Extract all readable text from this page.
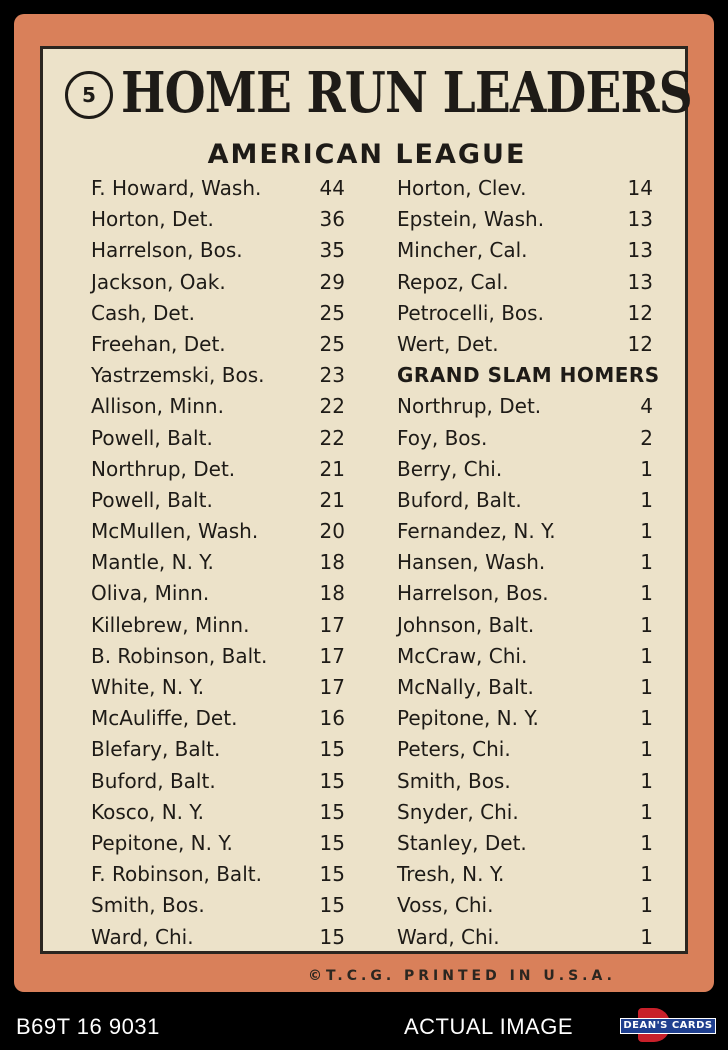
5 HOME RUN LEADERS
AMERICAN LEAGUE
F. Howard, Wash.	44	Horton, Clev.	14
Horton, Det.	36	Epstein, Wash.	13
Harrelson, Bos.	35	Mincher, Cal.	13
Jackson, Oak.	29	Repoz, Cal.	13
Cash, Det.	25	Petrocelli, Bos.	12
Freehan, Det.	25	Wert, Det.	12
Yastrzemski, Bos.	23	GRAND SLAM HOMERS
Allison, Minn.	22	Northrup, Det.	4
Powell, Balt.	22	Foy, Bos.	2
Northrup, Det.	21	Berry, Chi.	1
Powell, Balt.	21	Buford, Balt.	1
McMullen, Wash.	20	Fernandez, N. Y.	1
Mantle, N. Y.	18	Hansen, Wash.	1
Oliva, Minn.	18	Harrelson, Bos.	1
Killebrew, Minn.	17	Johnson, Balt.	1
B. Robinson, Balt.	17	McCraw, Chi.	1
White, N. Y.	17	McNally, Balt.	1
McAuliffe, Det.	16	Pepitone, N. Y.	1
Blefary, Balt.	15	Peters, Chi.	1
Buford, Balt.	15	Smith, Bos.	1
Kosco, N. Y.	15	Snyder, Chi.	1
Pepitone, N. Y.	15	Stanley, Det.	1
F. Robinson, Balt.	15	Tresh, N. Y.	1
Smith, Bos.	15	Voss, Chi.	1
Ward, Chi.	15	Ward, Chi.	1
©T.C.G. PRINTED IN U.S.A.
B69T 16 9031	ACTUAL IMAGE	DEAN'S CARDS
